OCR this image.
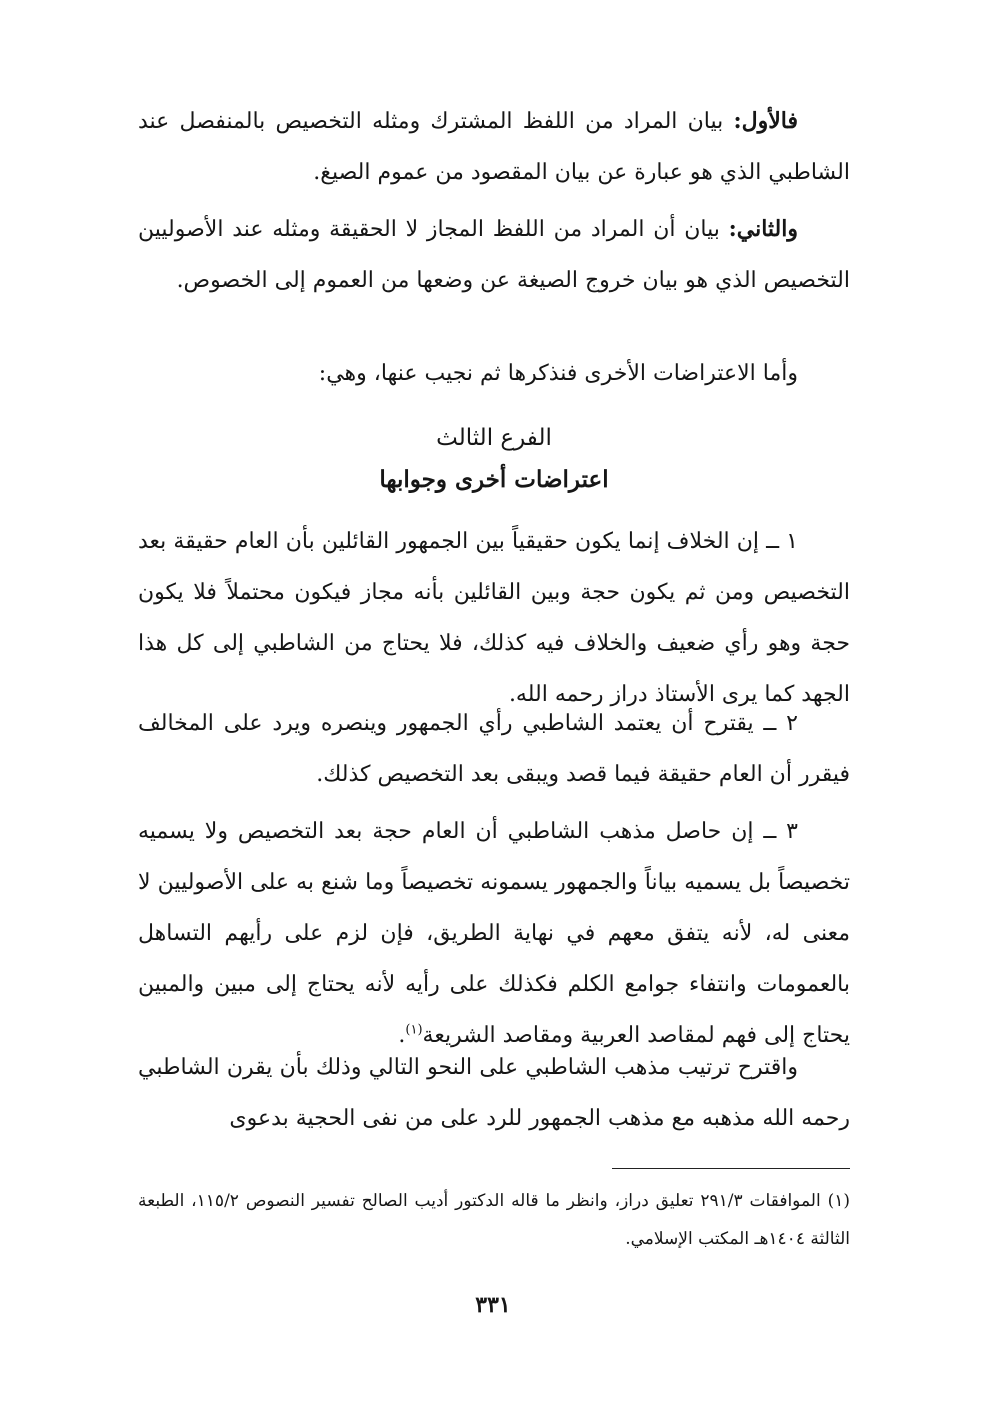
فالأول: بيان المراد من اللفظ المشترك ومثله التخصيص بالمنفصل عند الشاطبي الذي هو عبارة عن بيان المقصود من عموم الصيغ.

والثاني: بيان أن المراد من اللفظ المجاز لا الحقيقة ومثله عند الأصوليين التخصيص الذي هو بيان خروج الصيغة عن وضعها من العموم إلى الخصوص.

وأما الاعتراضات الأخرى فنذكرها ثم نجيب عنها، وهي:

الفرع الثالث
اعتراضات أخرى وجوابها

١ ــ إن الخلاف إنما يكون حقيقياً بين الجمهور القائلين بأن العام حقيقة بعد التخصيص ومن ثم يكون حجة وبين القائلين بأنه مجاز فيكون محتملاً فلا يكون حجة وهو رأي ضعيف والخلاف فيه كذلك، فلا يحتاج من الشاطبي إلى كل هذا الجهد كما يرى الأستاذ دراز رحمه الله.

٢ ــ يقترح أن يعتمد الشاطبي رأي الجمهور وينصره ويرد على المخالف فيقرر أن العام حقيقة فيما قصد ويبقى بعد التخصيص كذلك.

٣ ــ إن حاصل مذهب الشاطبي أن العام حجة بعد التخصيص ولا يسميه تخصيصاً بل يسميه بياناً والجمهور يسمونه تخصيصاً وما شنع به على الأصوليين لا معنى له، لأنه يتفق معهم في نهاية الطريق، فإن لزم على رأيهم التساهل بالعمومات وانتفاء جوامع الكلم فكذلك على رأيه لأنه يحتاج إلى مبين والمبين يحتاج إلى فهم لمقاصد العربية ومقاصد الشريعة$^{(١)}$.

واقترح ترتيب مذهب الشاطبي على النحو التالي وذلك بأن يقرن الشاطبي رحمه الله مذهبه مع مذهب الجمهور للرد على من نفى الحجية بدعوى

(١) الموافقات ٢٩١/٣ تعليق دراز، وانظر ما قاله الدكتور أديب الصالح تفسير النصوص ١١٥/٢، الطبعة الثالثة ١٤٠٤هـ المكتب الإسلامي.

٣٣١
